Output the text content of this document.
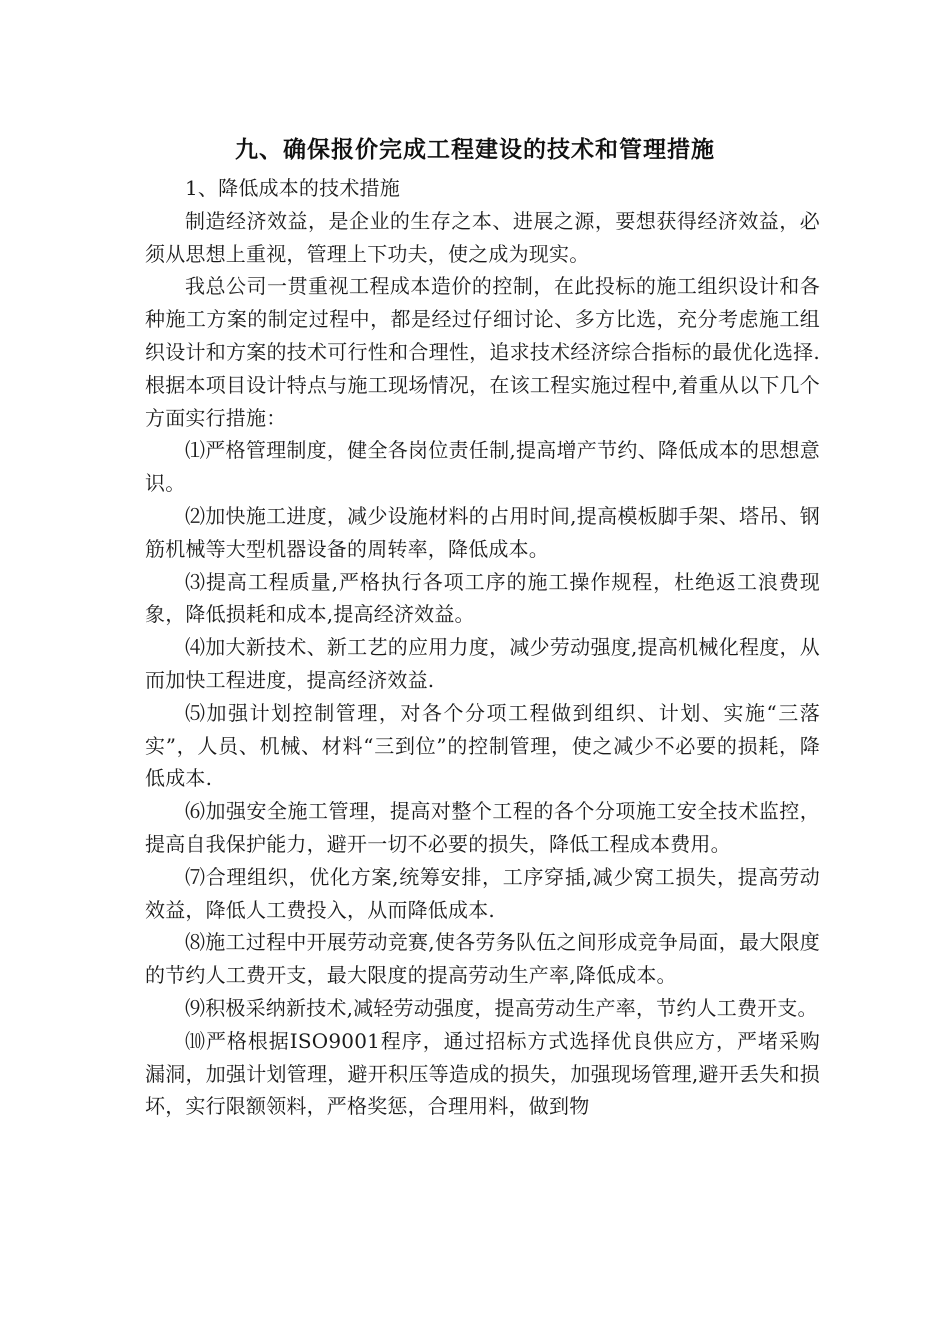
九、确保报价完成工程建设的技术和管理措施

1、降低成本的技术措施

制造经济效益，是企业的生存之本、进展之源，要想获得经济效益，必须从思想上重视，管理上下功夫，使之成为现实。

我总公司一贯重视工程成本造价的控制，在此投标的施工组织设计和各种施工方案的制定过程中，都是经过仔细讨论、多方比选，充分考虑施工组织设计和方案的技术可行性和合理性，追求技术经济综合指标的最优化选择.根据本项目设计特点与施工现场情况，在该工程实施过程中,着重从以下几个方面实行措施：

⑴严格管理制度，健全各岗位责任制,提高增产节约、降低成本的思想意识。

⑵加快施工进度，减少设施材料的占用时间,提高模板脚手架、塔吊、钢筋机械等大型机器设备的周转率，降低成本。

⑶提高工程质量,严格执行各项工序的施工操作规程，杜绝返工浪费现象，降低损耗和成本,提高经济效益。

⑷加大新技术、新工艺的应用力度，减少劳动强度,提高机械化程度，从而加快工程进度，提高经济效益.

⑸加强计划控制管理，对各个分项工程做到组织、计划、实施“三落实”，人员、机械、材料“三到位”的控制管理，使之减少不必要的损耗，降低成本.

⑹加强安全施工管理，提高对整个工程的各个分项施工安全技术监控，提高自我保护能力，避开一切不必要的损失，降低工程成本费用。

⑺合理组织，优化方案,统筹安排，工序穿插,减少窝工损失，提高劳动效益，降低人工费投入，从而降低成本.

⑻施工过程中开展劳动竞赛,使各劳务队伍之间形成竞争局面，最大限度的节约人工费开支，最大限度的提高劳动生产率,降低成本。

⑼积极采纳新技术,减轻劳动强度，提高劳动生产率，节约人工费开支。

⑽严格根据ISO9001程序，通过招标方式选择优良供应方，严堵采购漏洞，加强计划管理，避开积压等造成的损失，加强现场管理,避开丢失和损坏，实行限额领料，严格奖惩，合理用料，做到物
